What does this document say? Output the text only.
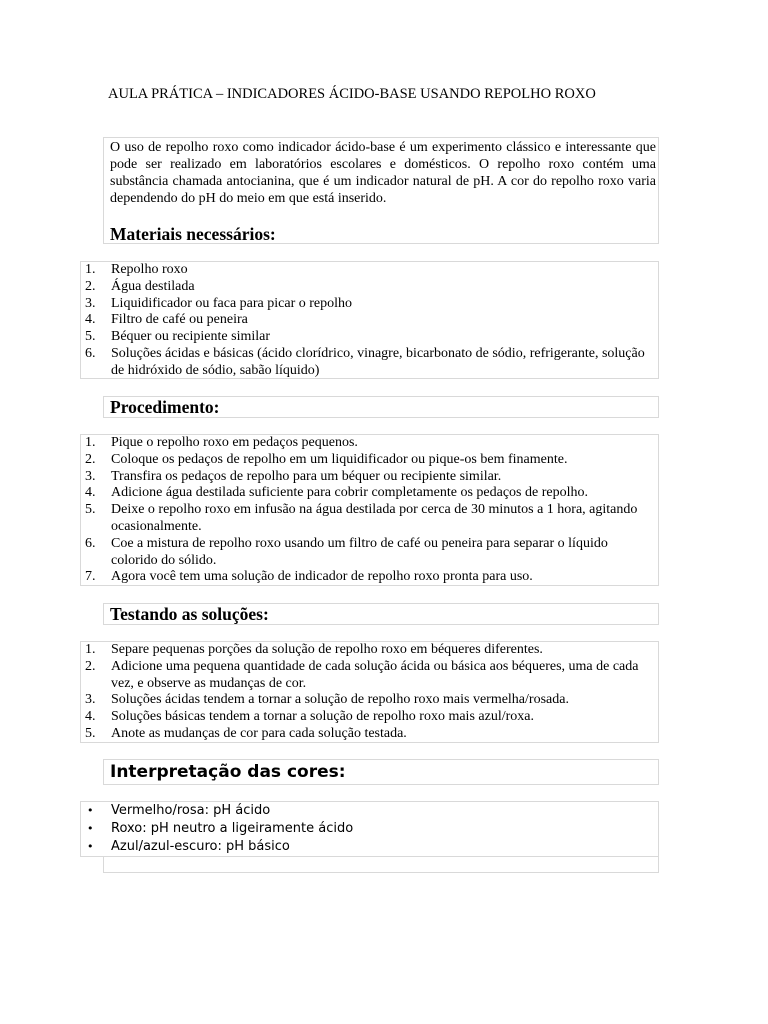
AULA PRÁTICA – INDICADORES ÁCIDO-BASE USANDO REPOLHO ROXO

O uso de repolho roxo como indicador ácido-base é um experimento clássico e interessante que pode ser realizado em laboratórios escolares e domésticos. O repolho roxo contém uma substância chamada antocianina, que é um indicador natural de pH. A cor do repolho roxo varia dependendo do pH do meio em que está inserido.

Materiais necessários:
1. Repolho roxo
2. Água destilada
3. Liquidificador ou faca para picar o repolho
4. Filtro de café ou peneira
5. Béquer ou recipiente similar
6. Soluções ácidas e básicas (ácido clorídrico, vinagre, bicarbonato de sódio, refrigerante, solução de hidróxido de sódio, sabão líquido)
Procedimento:
1. Pique o repolho roxo em pedaços pequenos.
2. Coloque os pedaços de repolho em um liquidificador ou pique-os bem finamente.
3. Transfira os pedaços de repolho para um béquer ou recipiente similar.
4. Adicione água destilada suficiente para cobrir completamente os pedaços de repolho.
5. Deixe o repolho roxo em infusão na água destilada por cerca de 30 minutos a 1 hora, agitando ocasionalmente.
6. Coe a mistura de repolho roxo usando um filtro de café ou peneira para separar o líquido colorido do sólido.
7. Agora você tem uma solução de indicador de repolho roxo pronta para uso.
Testando as soluções:
1. Separe pequenas porções da solução de repolho roxo em béqueres diferentes.
2. Adicione uma pequena quantidade de cada solução ácida ou básica aos béqueres, uma de cada vez, e observe as mudanças de cor.
3. Soluções ácidas tendem a tornar a solução de repolho roxo mais vermelha/rosada.
4. Soluções básicas tendem a tornar a solução de repolho roxo mais azul/roxa.
5. Anote as mudanças de cor para cada solução testada.
Interpretação das cores:
• Vermelho/rosa: pH ácido
• Roxo: pH neutro a ligeiramente ácido
• Azul/azul-escuro: pH básico
